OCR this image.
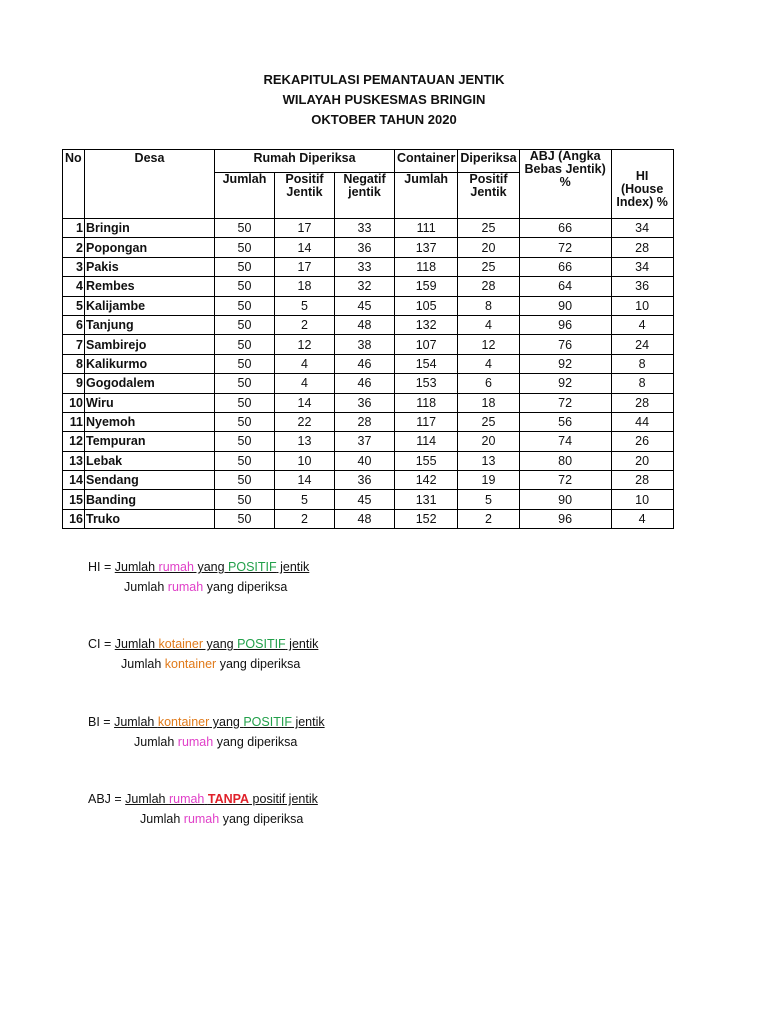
REKAPITULASI PEMANTAUAN JENTIK
WILAYAH PUSKESMAS BRINGIN
OKTOBER TAHUN 2020
No	Desa	Rumah Diperiksa			Container	Diperiksa	ABJ (Angka Bebas Jentik) %	HI (House Index) %
		Jumlah	Positif Jentik	Negatif jentik	Jumlah	Positif Jentik		
1	Bringin	50	17	33	111	25	66	34
2	Popongan	50	14	36	137	20	72	28
3	Pakis	50	17	33	118	25	66	34
4	Rembes	50	18	32	159	28	64	36
5	Kalijambe	50	5	45	105	8	90	10
6	Tanjung	50	2	48	132	4	96	4
7	Sambirejo	50	12	38	107	12	76	24
8	Kalikurmo	50	4	46	154	4	92	8
9	Gogodalem	50	4	46	153	6	92	8
10	Wiru	50	14	36	118	18	72	28
11	Nyemoh	50	22	28	117	25	56	44
12	Tempuran	50	13	37	114	20	74	26
13	Lebak	50	10	40	155	13	80	20
14	Sendang	50	14	36	142	19	72	28
15	Banding	50	5	45	131	5	90	10
16	Truko	50	2	48	152	2	96	4
HI = Jumlah rumah yang POSITIF jentik
Jumlah rumah yang diperiksa
CI = Jumlah kotainer yang POSITIF jentik
Jumlah kontainer yang diperiksa
BI = Jumlah kontainer yang POSITIF jentik
Jumlah rumah yang diperiksa
ABJ = Jumlah rumah TANPA positif jentik
Jumlah rumah yang diperiksa
